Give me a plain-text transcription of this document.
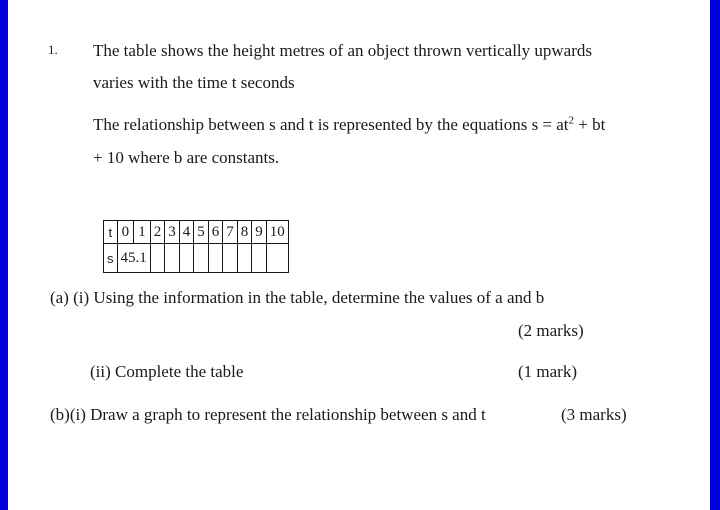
1. The table shows the height metres of an object thrown vertically upwards
varies with the time t seconds
The relationship between s and t is represented by the equations $s = at^2$ + bt
+ 10 where b are constants.
t	0	1	2	3	4	5	6	7	8	9	10
s	45.1										
(a) (i) Using the information in the table, determine the values of a and b
(2 marks)
(ii) Complete the table	(1 mark)
(b)(i) Draw a graph to represent the relationship between s and t	(3 marks)
